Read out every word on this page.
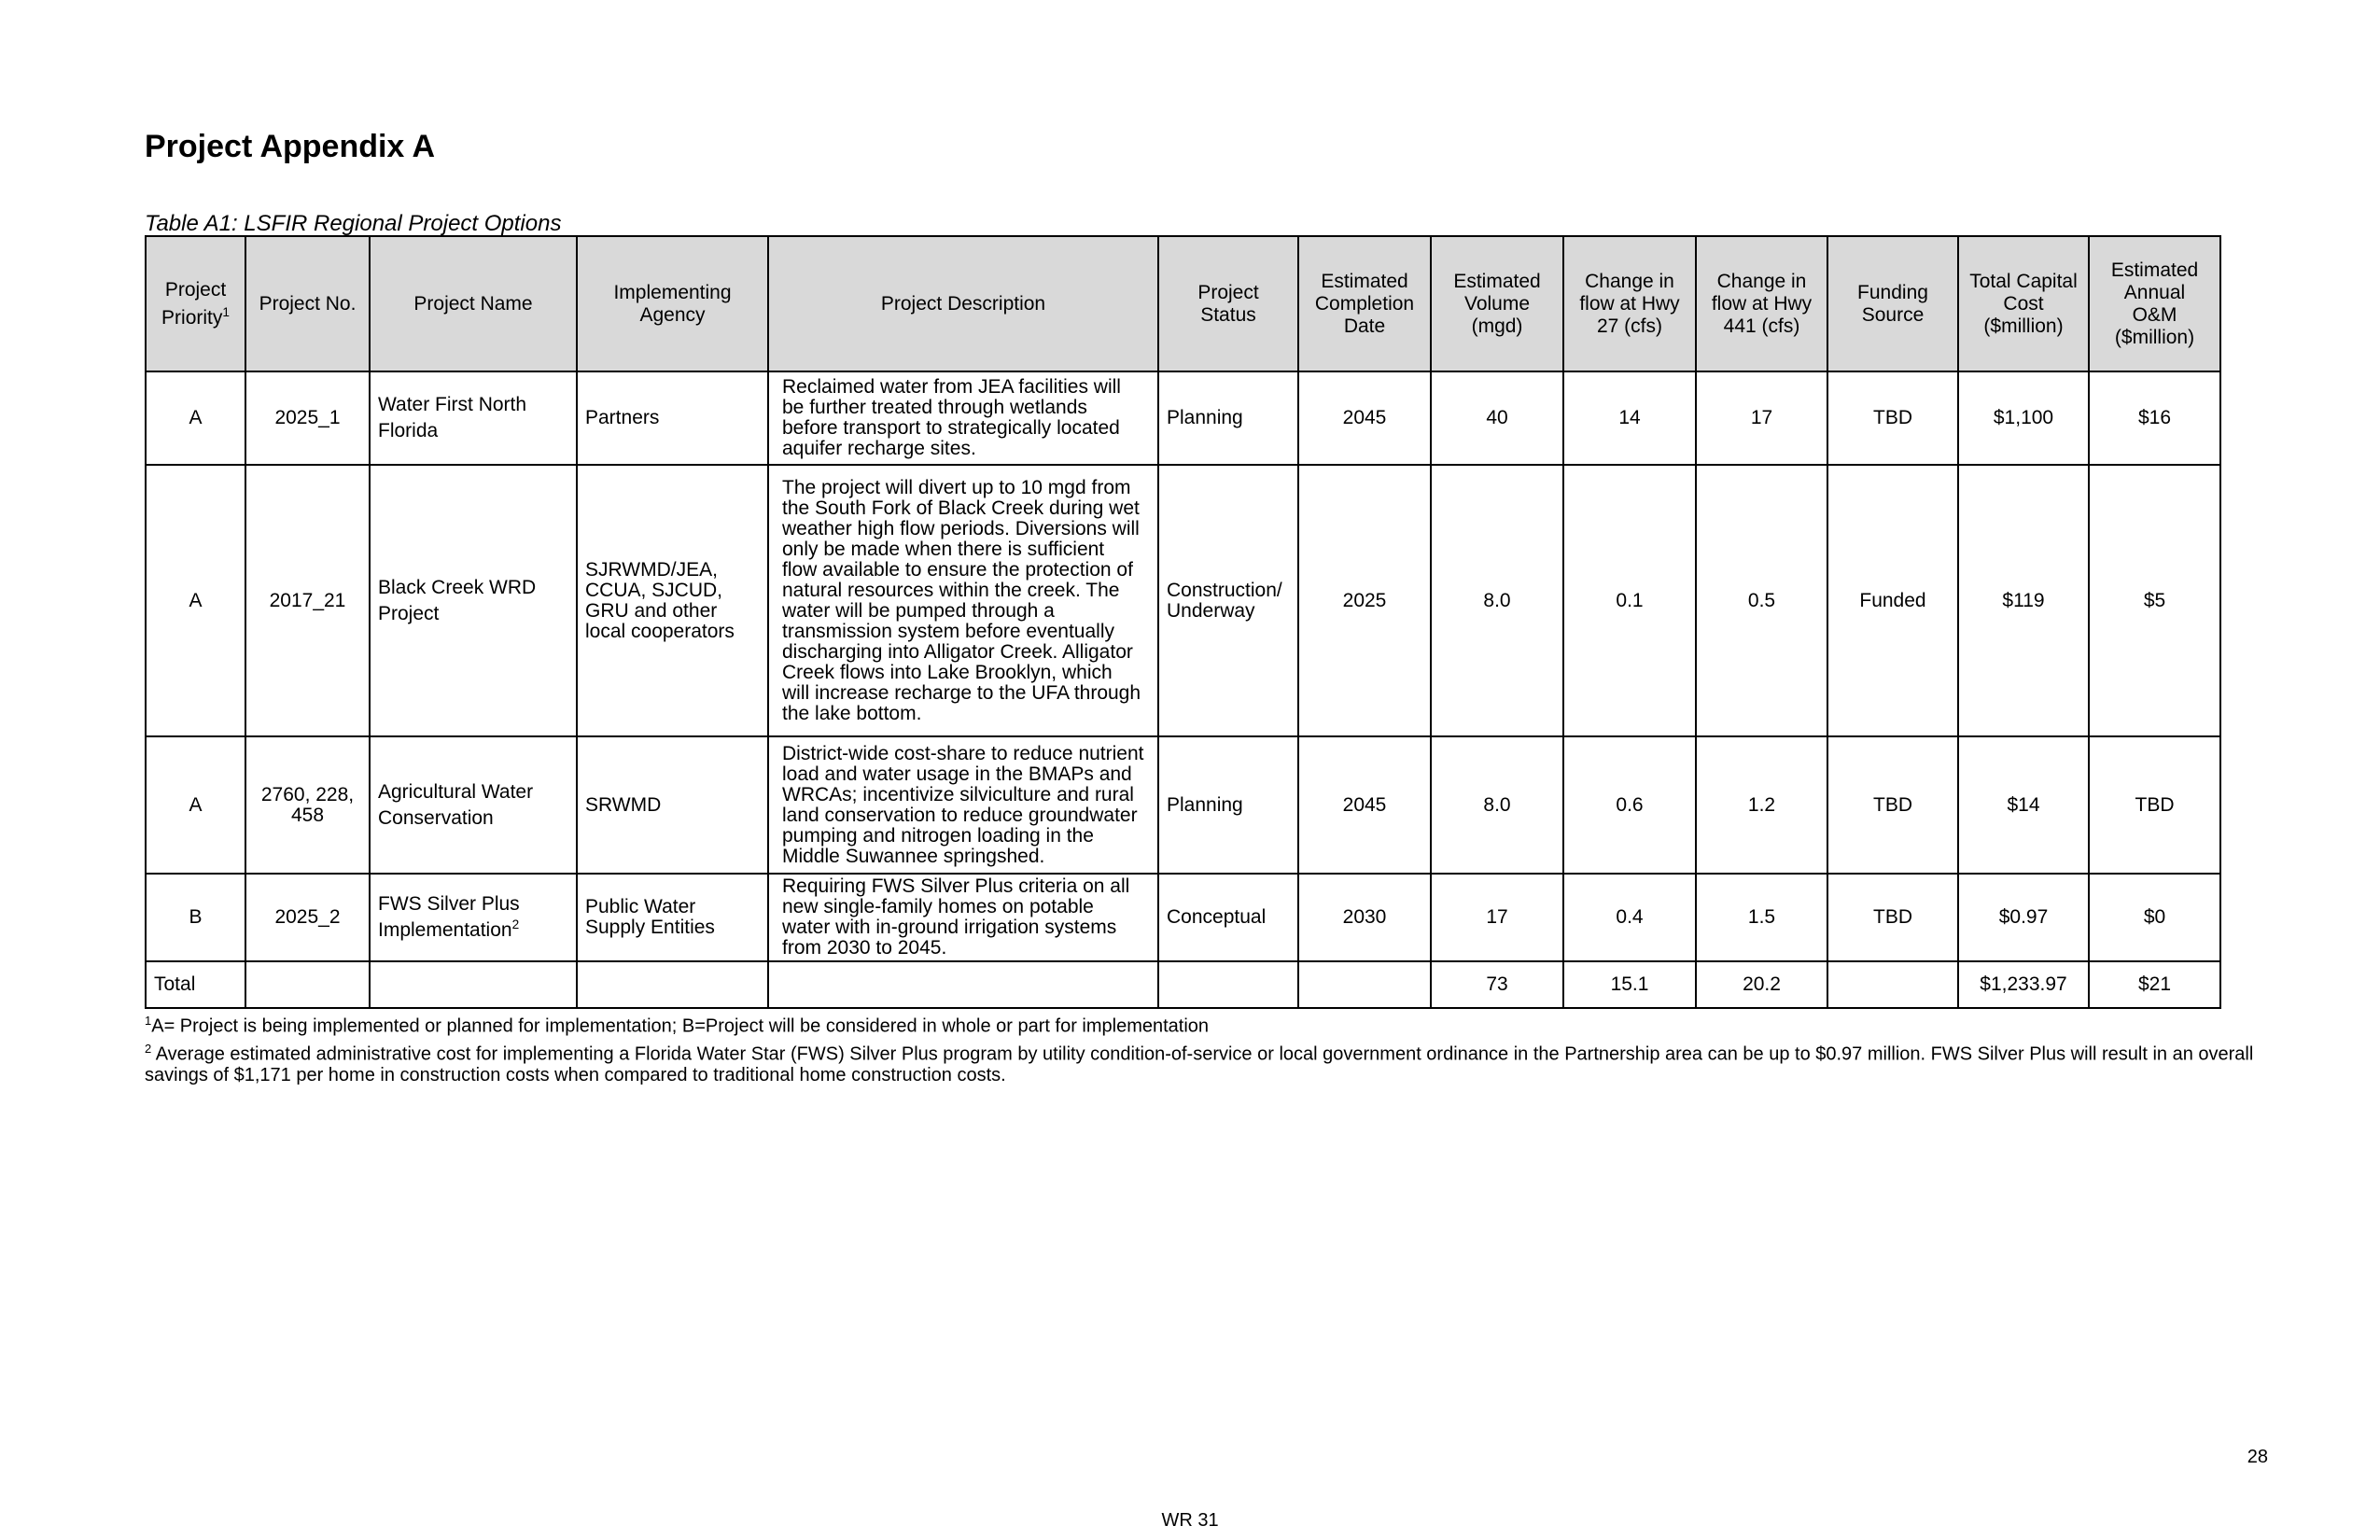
Project Appendix A
Table A1: LSFIR Regional Project Options
Project Priority$^1$	Project No.	Project Name	Implementing Agency	Project Description	Project Status	Estimated Completion Date	Estimated Volume (mgd)	Change in flow at Hwy 27 (cfs)	Change in flow at Hwy 441 (cfs)	Funding Source	Total Capital Cost ($million)	Estimated Annual O&M ($million)
A	2025_1	Water First North Florida	Partners	Reclaimed water from JEA facilities will be further treated through wetlands before transport to strategically located aquifer recharge sites.	Planning	2045	40	14	17	TBD	$1,100	$16
A	2017_21	Black Creek WRD Project	SJRWMD/JEA, CCUA, SJCUD, GRU and other local cooperators	The project will divert up to 10 mgd from the South Fork of Black Creek during wet weather high flow periods. Diversions will only be made when there is sufficient flow available to ensure the protection of natural resources within the creek. The water will be pumped through a transmission system before eventually discharging into Alligator Creek. Alligator Creek flows into Lake Brooklyn, which will increase recharge to the UFA through the lake bottom.	Construction/ Underway	2025	8.0	0.1	0.5	Funded	$119	$5
A	2760, 228, 458	Agricultural Water Conservation	SRWMD	District-wide cost-share to reduce nutrient load and water usage in the BMAPs and WRCAs; incentivize silviculture and rural land conservation to reduce groundwater pumping and nitrogen loading in the Middle Suwannee springshed.	Planning	2045	8.0	0.6	1.2	TBD	$14	TBD
B	2025_2	FWS Silver Plus Implementation$^2$	Public Water Supply Entities	Requiring FWS Silver Plus criteria on all new single-family homes on potable water with in-ground irrigation systems from 2030 to 2045.	Conceptual	2030	17	0.4	1.5	TBD	$0.97	$0
Total							73	15.1	20.2		$1,233.97	$21
$^1$A= Project is being implemented or planned for implementation; B=Project will be considered in whole or part for implementation
$^2$ Average estimated administrative cost for implementing a Florida Water Star (FWS) Silver Plus program by utility condition-of-service or local government ordinance in the Partnership area can be up to $0.97 million. FWS Silver Plus will result in an overall savings of $1,171 per home in construction costs when compared to traditional home construction costs.
28
WR 31
